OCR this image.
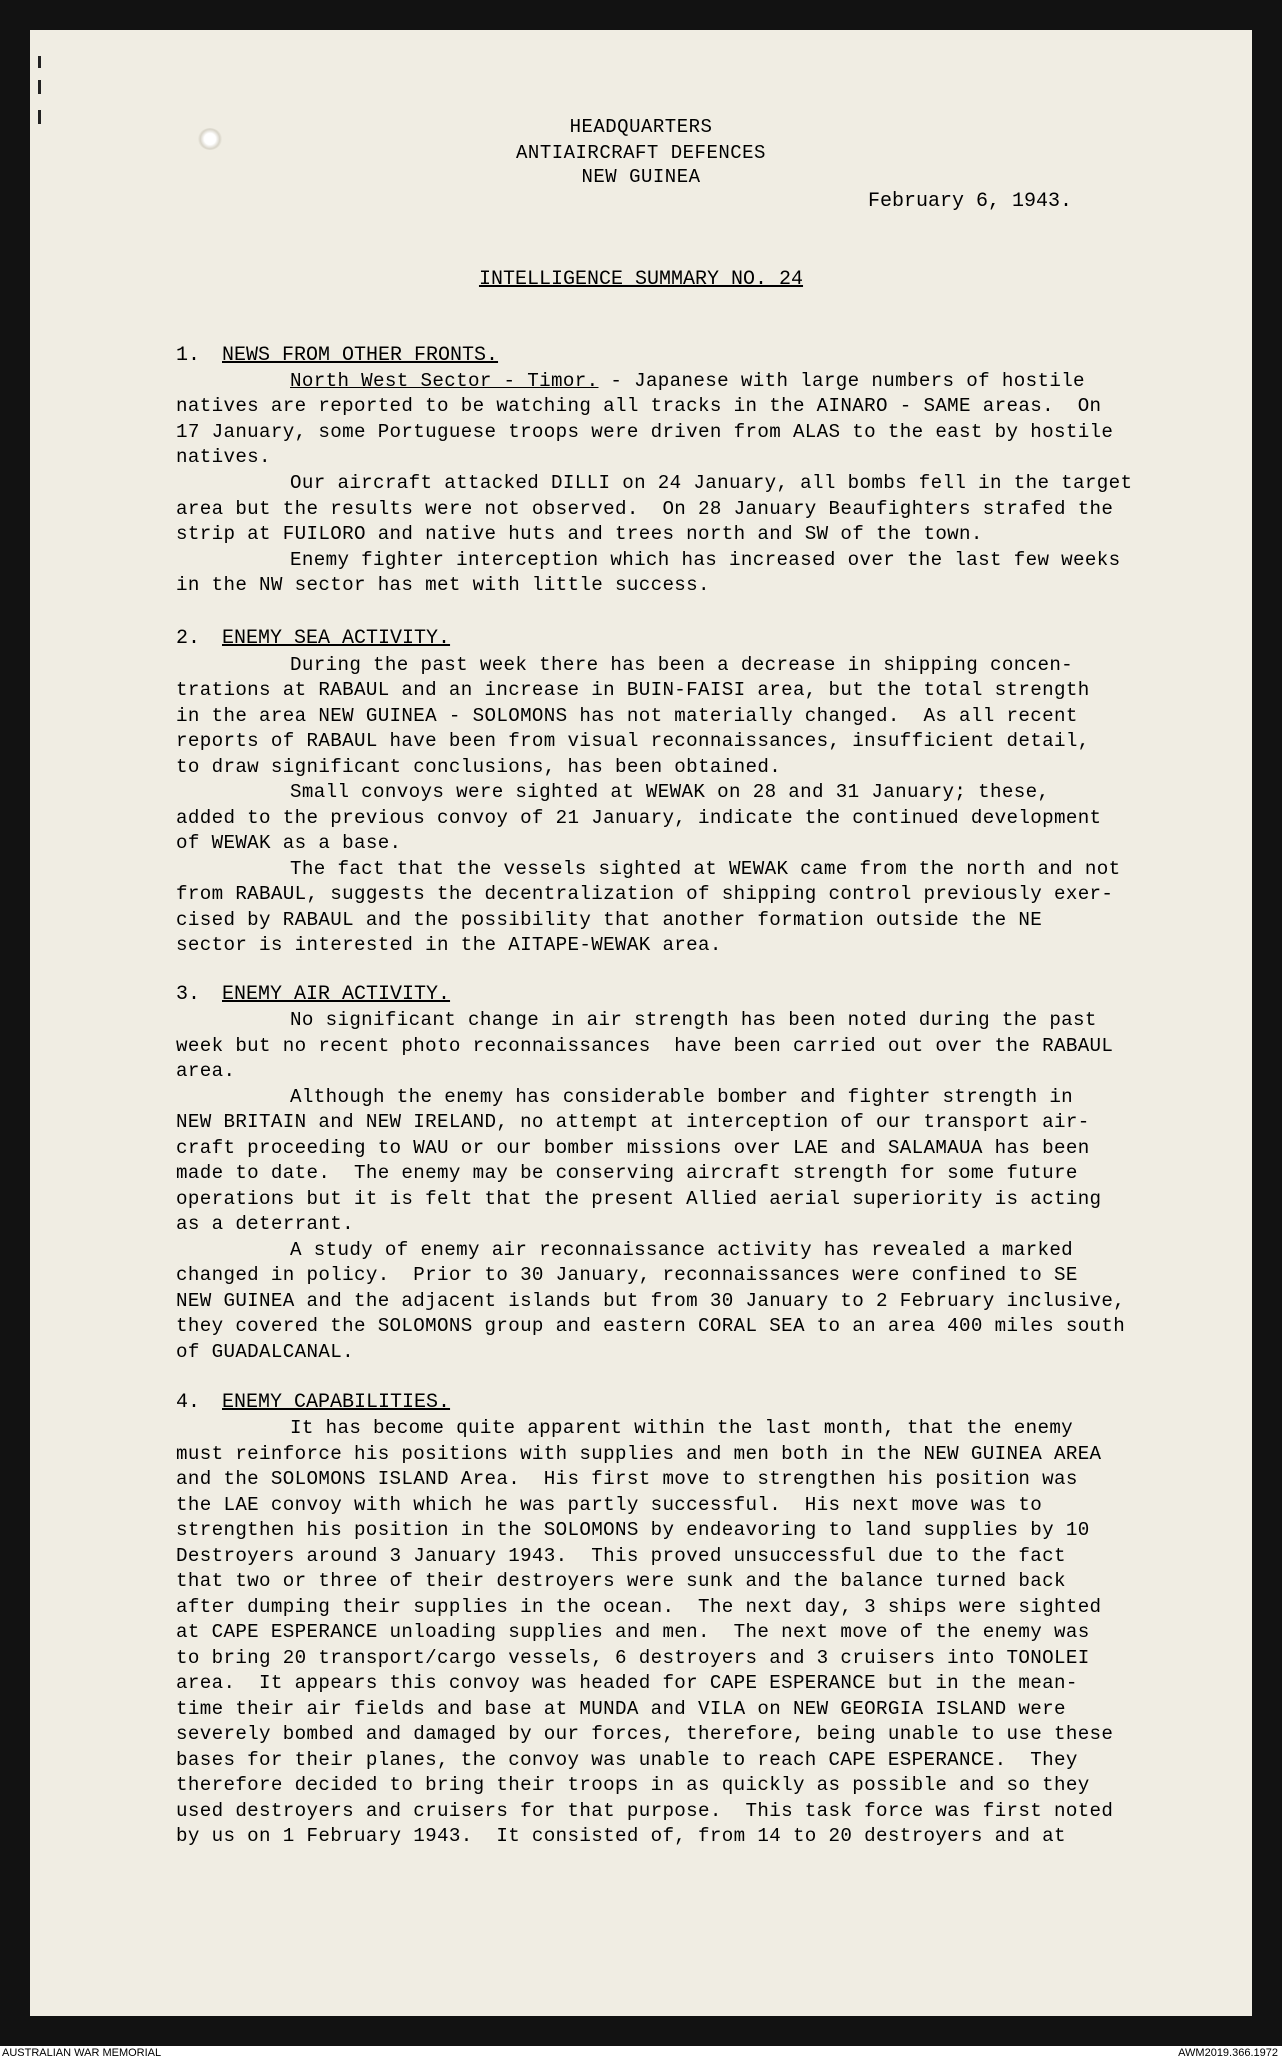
HEADQUARTERS
ANTIAIRCRAFT DEFENCES
NEW GUINEA
February 6, 1943.
INTELLIGENCE SUMMARY NO. 24
1. NEWS FROM OTHER FRONTS.
North West Sector - Timor. - Japanese with large numbers of hostile
natives are reported to be watching all tracks in the AINARO - SAME areas.  On
17 January, some Portuguese troops were driven from ALAS to the east by hostile
natives.
Our aircraft attacked DILLI on 24 January, all bombs fell in the target
area but the results were not observed.  On 28 January Beaufighters strafed the
strip at FUILORO and native huts and trees north and SW of the town.
Enemy fighter interception which has increased over the last few weeks
in the NW sector has met with little success.
2. ENEMY SEA ACTIVITY.
During the past week there has been a decrease in shipping concen-
trations at RABAUL and an increase in BUIN-FAISI area, but the total strength
in the area NEW GUINEA - SOLOMONS has not materially changed.  As all recent
reports of RABAUL have been from visual reconnaissances, insufficient detail,
to draw significant conclusions, has been obtained.
Small convoys were sighted at WEWAK on 28 and 31 January; these,
added to the previous convoy of 21 January, indicate the continued development
of WEWAK as a base.
The fact that the vessels sighted at WEWAK came from the north and not
from RABAUL, suggests the decentralization of shipping control previously exer-
cised by RABAUL and the possibility that another formation outside the NE
sector is interested in the AITAPE-WEWAK area.
3. ENEMY AIR ACTIVITY.
No significant change in air strength has been noted during the past
week but no recent photo reconnaissances  have been carried out over the RABAUL
area.
Although the enemy has considerable bomber and fighter strength in
NEW BRITAIN and NEW IRELAND, no attempt at interception of our transport air-
craft proceeding to WAU or our bomber missions over LAE and SALAMAUA has been
made to date.  The enemy may be conserving aircraft strength for some future
operations but it is felt that the present Allied aerial superiority is acting
as a deterrant.
A study of enemy air reconnaissance activity has revealed a marked
changed in policy.  Prior to 30 January, reconnaissances were confined to SE
NEW GUINEA and the adjacent islands but from 30 January to 2 February inclusive,
they covered the SOLOMONS group and eastern CORAL SEA to an area 400 miles south
of GUADALCANAL.
4. ENEMY CAPABILITIES.
It has become quite apparent within the last month, that the enemy
must reinforce his positions with supplies and men both in the NEW GUINEA AREA
and the SOLOMONS ISLAND Area.  His first move to strengthen his position was
the LAE convoy with which he was partly successful.  His next move was to
strengthen his position in the SOLOMONS by endeavoring to land supplies by 10
Destroyers around 3 January 1943.  This proved unsuccessful due to the fact
that two or three of their destroyers were sunk and the balance turned back
after dumping their supplies in the ocean.  The next day, 3 ships were sighted
at CAPE ESPERANCE unloading supplies and men.  The next move of the enemy was
to bring 20 transport/cargo vessels, 6 destroyers and 3 cruisers into TONOLEI
area.  It appears this convoy was headed for CAPE ESPERANCE but in the mean-
time their air fields and base at MUNDA and VILA on NEW GEORGIA ISLAND were
severely bombed and damaged by our forces, therefore, being unable to use these
bases for their planes, the convoy was unable to reach CAPE ESPERANCE.  They
therefore decided to bring their troops in as quickly as possible and so they
used destroyers and cruisers for that purpose.  This task force was first noted
by us on 1 February 1943.  It consisted of, from 14 to 20 destroyers and at
AUSTRALIAN WAR MEMORIAL	AWM2019.366.1972
